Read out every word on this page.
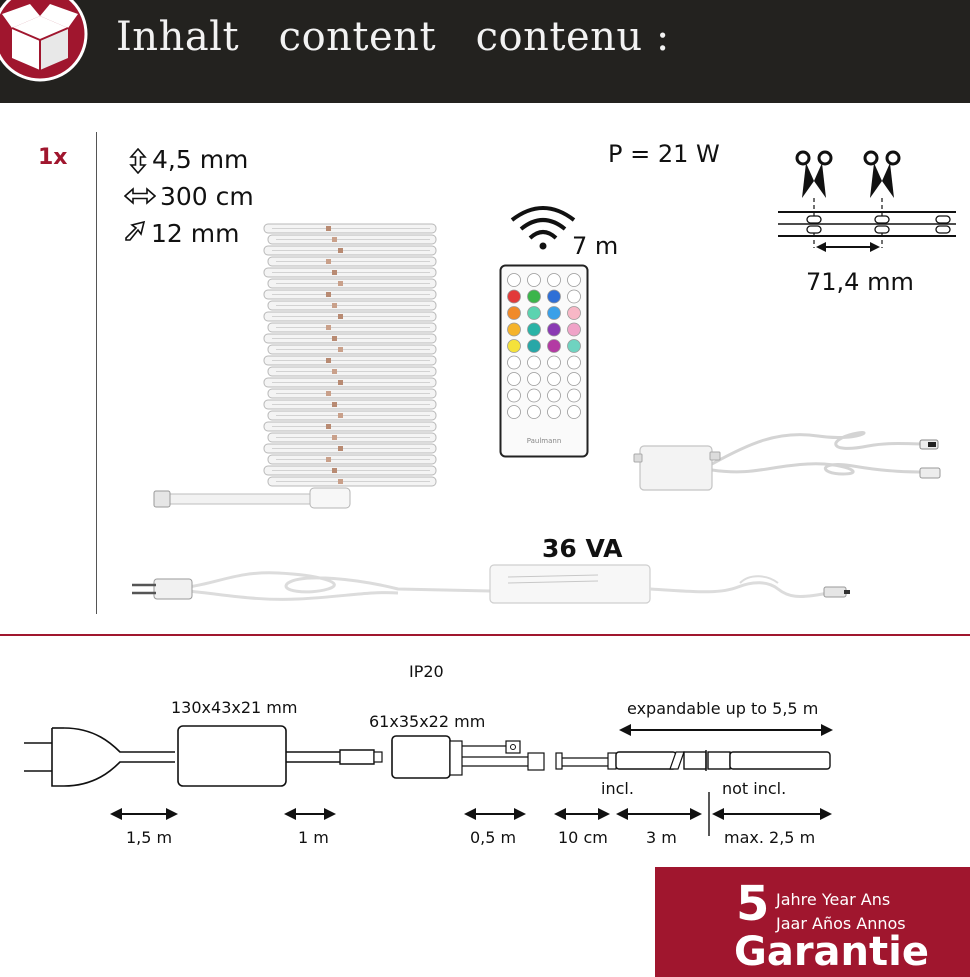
Inhalt   content   contenu :
1x	4,5 mm
300 cm
12 mm
P = 21 W
7 m
Paulmann
71,4 mm
36 VA
IP20
130x43x21 mm
61x35x22 mm
expandable up to 5,5 m
incl.	not incl.
1,5 m	1 m	0,5 m	10 cm 3 m	max. 2,5 m
5 Jahre Year Ans
Jaar Años Annos
Garantie
